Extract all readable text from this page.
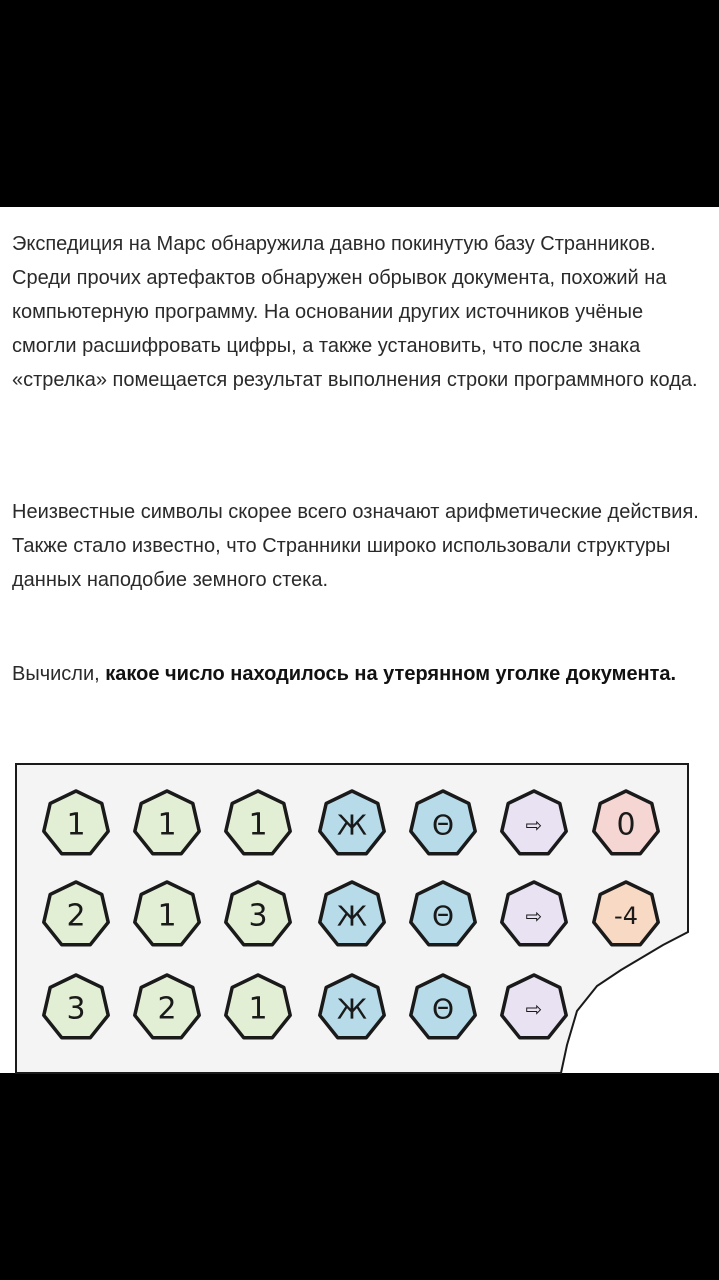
Экспедиция на Марс обнаружила давно покинутую базу Странников. Среди прочих артефактов обнаружен обрывок документа, похожий на компьютерную программу. На основании других источников учёные смогли расшифровать цифры, а также установить, что после знака «стрелка» помещается результат выполнения строки программного кода.

Неизвестные символы скорее всего означают арифметические действия. Также стало известно, что Странники широко использовали структуры данных наподобие земного стека.

Вычисли, какое число находилось на утерянном уголке документа.

1 1 1 Ж Θ	⇨ 0
2 1 3 Ж Θ	⇨	-4
3 2 1 Ж Θ	⇨
